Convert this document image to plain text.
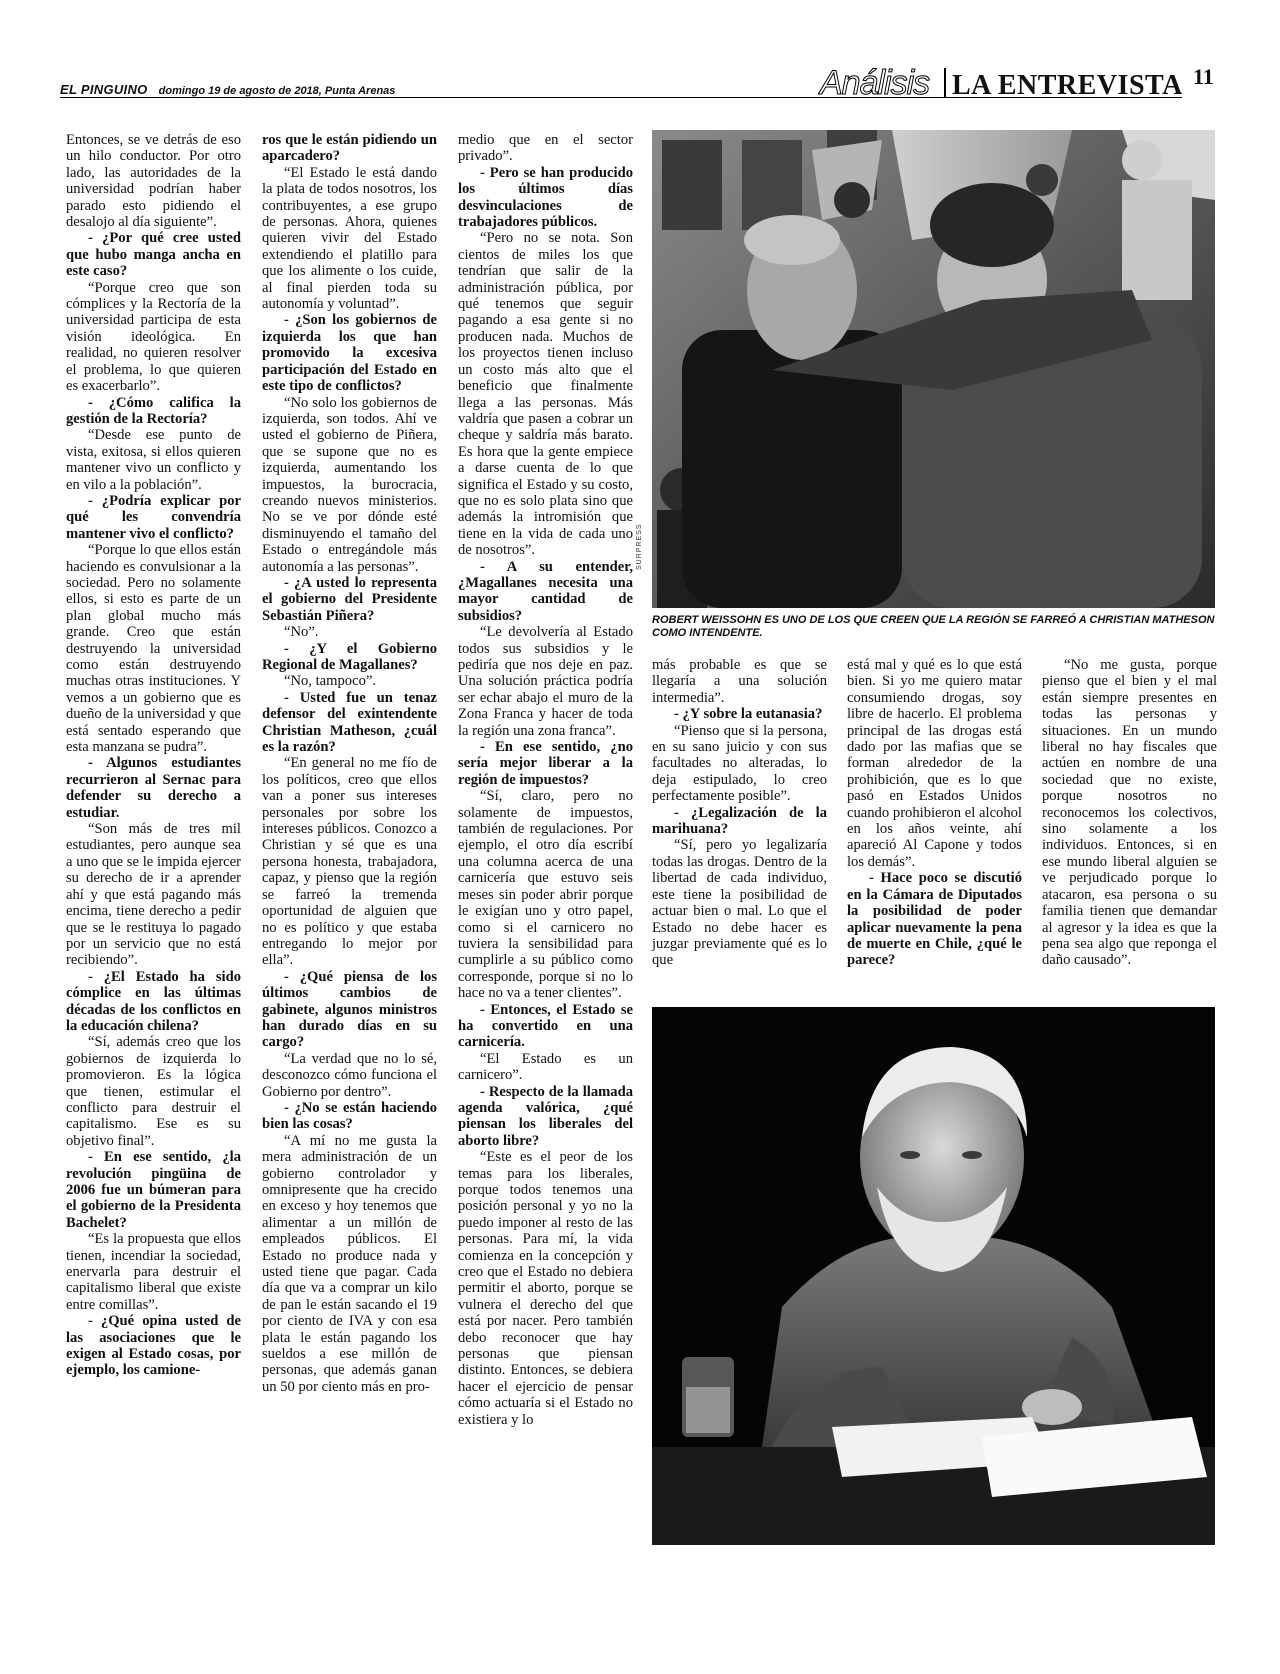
EL PINGUINO domingo 19 de agosto de 2018, Punta Arenas	Análisis LA ENTREVISTA 11

Entonces, se ve detrás de eso un hilo conductor. Por otro lado, las autoridades de la universidad podrían haber parado esto pidiendo el desalojo al día siguiente”.

- ¿Por qué cree usted que hubo manga ancha en este caso?

“Porque creo que son cómplices y la Rectoría de la universidad participa de esta visión ideológica. En realidad, no quieren resolver el problema, lo que quieren es exacerbarlo”.

- ¿Cómo califica la gestión de la Rectoría?

“Desde ese punto de vista, exitosa, si ellos quieren mantener vivo un conflicto y en vilo a la población”.

- ¿Podría explicar por qué les convendría mantener vivo el conflicto?

“Porque lo que ellos están haciendo es convulsionar a la sociedad. Pero no solamente ellos, si esto es parte de un plan global mucho más grande. Creo que están destruyendo la universidad como están destruyendo muchas otras instituciones. Y vemos a un gobierno que es dueño de la universidad y que está sentado esperando que esta manzana se pudra”.

- Algunos estudiantes recurrieron al Sernac para defender su derecho a estudiar.

“Son más de tres mil estudiantes, pero aunque sea a uno que se le impida ejercer su derecho de ir a aprender ahí y que está pagando más encima, tiene derecho a pedir que se le restituya lo pagado por un servicio que no está recibiendo”.

- ¿El Estado ha sido cómplice en las últimas décadas de los conflictos en la educación chilena?

“Sí, además creo que los gobiernos de izquierda lo promovieron. Es la lógica que tienen, estimular el conflicto para destruir el capitalismo. Ese es su objetivo final”.

- En ese sentido, ¿la revolución pingüina de 2006 fue un búmeran para el gobierno de la Presidenta Bachelet?

“Es la propuesta que ellos tienen, incendiar la sociedad, enervarla para destruir el capitalismo liberal que existe entre comillas”.

- ¿Qué opina usted de las asociaciones que le exigen al Estado cosas, por ejemplo, los camione-

ros que le están pidiendo un aparcadero?

“El Estado le está dando la plata de todos nosotros, los contribuyentes, a ese grupo de personas. Ahora, quienes quieren vivir del Estado extendiendo el platillo para que los alimente o los cuide, al final pierden toda su autonomía y voluntad”.

- ¿Son los gobiernos de izquierda los que han promovido la excesiva participación del Estado en este tipo de conflictos?

“No solo los gobiernos de izquierda, son todos. Ahí ve usted el gobierno de Piñera, que se supone que no es izquierda, aumentando los impuestos, la burocracia, creando nuevos ministerios. No se ve por dónde esté disminuyendo el tamaño del Estado o entregándole más autonomía a las personas”.

- ¿A usted lo representa el gobierno del Presidente Sebastián Piñera?

“No”.

- ¿Y el Gobierno Regional de Magallanes?

“No, tampoco”.

- Usted fue un tenaz defensor del exintendente Christian Matheson, ¿cuál es la razón?

“En general no me fío de los políticos, creo que ellos van a poner sus intereses personales por sobre los intereses públicos. Conozco a Christian y sé que es una persona honesta, trabajadora, capaz, y pienso que la región se farreó la tremenda oportunidad de alguien que no es político y que estaba entregando lo mejor por ella”.

- ¿Qué piensa de los últimos cambios de gabinete, algunos ministros han durado días en su cargo?

“La verdad que no lo sé, desconozco cómo funciona el Gobierno por dentro”.

- ¿No se están haciendo bien las cosas?

“A mí no me gusta la mera administración de un gobierno controlador y omnipresente que ha crecido en exceso y hoy tenemos que alimentar a un millón de empleados públicos. El Estado no produce nada y usted tiene que pagar. Cada día que va a comprar un kilo de pan le están sacando el 19 por ciento de IVA y con esa plata le están pagando los sueldos a ese millón de personas, que además ganan un 50 por ciento más en pro-

medio que en el sector privado”.

- Pero se han producido los últimos días desvinculaciones de trabajadores públicos.

“Pero no se nota. Son cientos de miles los que tendrían que salir de la administración pública, por qué tenemos que seguir pagando a esa gente si no producen nada. Muchos de los proyectos tienen incluso un costo más alto que el beneficio que finalmente llega a las personas. Más valdría que pasen a cobrar un cheque y saldría más barato. Es hora que la gente empiece a darse cuenta de lo que significa el Estado y su costo, que no es solo plata sino que además la intromisión que tiene en la vida de cada uno de nosotros”.

- A su entender, ¿Magallanes necesita una mayor cantidad de subsidios?

“Le devolvería al Estado todos sus subsidios y le pediría que nos deje en paz. Una solución práctica podría ser echar abajo el muro de la Zona Franca y hacer de toda la región una zona franca”.

- En ese sentido, ¿no sería mejor liberar a la región de impuestos?

“Sí, claro, pero no solamente de impuestos, también de regulaciones. Por ejemplo, el otro día escribí una columna acerca de una carnicería que estuvo seis meses sin poder abrir porque le exigían uno y otro papel, como si el carnicero no tuviera la sensibilidad para cumplirle a su público como corresponde, porque si no lo hace no va a tener clientes”.

- Entonces, el Estado se ha convertido en una carnicería.

“El Estado es un carnicero”.

- Respecto de la llamada agenda valórica, ¿qué piensan los liberales del aborto libre?

“Este es el peor de los temas para los liberales, porque todos tenemos una posición personal y yo no la puedo imponer al resto de las personas. Para mí, la vida comienza en la concepción y creo que el Estado no debiera permitir el aborto, porque se vulnera el derecho del que está por nacer. Pero también debo reconocer que hay personas que piensan distinto. Entonces, se debiera hacer el ejercicio de pensar cómo actuaría si el Estado no existiera y lo

SURPRESS
ROBERT WEISSOHN ES UNO DE LOS QUE CREEN QUE LA REGIÓN SE FARREÓ A CHRISTIAN MATHESON COMO INTENDENTE.

más probable es que se llegaría a una solución intermedia”.

- ¿Y sobre la eutanasia?

“Pienso que si la persona, en su sano juicio y con sus facultades no alteradas, lo deja estipulado, lo creo perfectamente posible”.

- ¿Legalización de la marihuana?

“Sí, pero yo legalizaría todas las drogas. Dentro de la libertad de cada individuo, este tiene la posibilidad de actuar bien o mal. Lo que el Estado no debe hacer es juzgar previamente qué es lo que

está mal y qué es lo que está bien. Si yo me quiero matar consumiendo drogas, soy libre de hacerlo. El problema principal de las drogas está dado por las mafias que se forman alrededor de la prohibición, que es lo que pasó en Estados Unidos cuando prohibieron el alcohol en los años veinte, ahí apareció Al Capone y todos los demás”.

- Hace poco se discutió en la Cámara de Diputados la posibilidad de poder aplicar nuevamente la pena de muerte en Chile, ¿qué le parece?

“No me gusta, porque pienso que el bien y el mal están siempre presentes en todas las personas y situaciones. En un mundo liberal no hay fiscales que actúen en nombre de una sociedad que no existe, porque nosotros no reconocemos los colectivos, sino solamente a los individuos. Entonces, si en ese mundo liberal alguien se ve perjudicado porque lo atacaron, esa persona o su familia tienen que demandar al agresor y la idea es que la pena sea algo que reponga el daño causado”.
